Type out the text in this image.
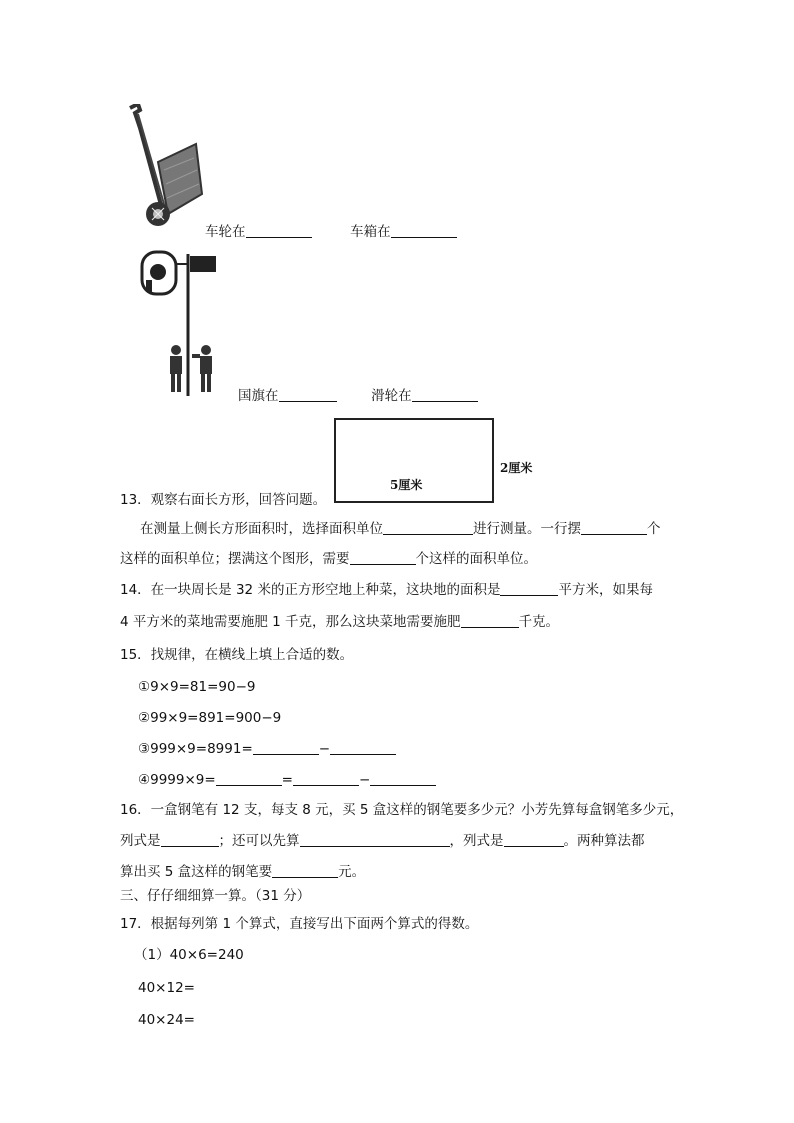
车轮在	车箱在
国旗在	滑轮在
5厘米
2厘米
13．观察右面长方形，回答问题。
在测量上侧长方形面积时，选择面积单位	进行测量。一行摆	个
这样的面积单位；摆满这个图形，需要	个这样的面积单位。
14．在一块周长是 32 米的正方形空地上种菜，这块地的面积是	平方米，如果每
4 平方米的菜地需要施肥 1 千克，那么这块菜地需要施肥	千克。
15．找规律，在横线上填上合适的数。
①9×9=81=90−9
②99×9=891=900−9
③999×9=8991=	−
④9999×9=	=	−
16．一盒钢笔有 12 支，每支 8 元，买 5 盒这样的钢笔要多少元？小芳先算每盒钢笔多少元，
列式是	；还可以先算	，列式是	。两种算法都
算出买 5 盒这样的钢笔要	元。
三、仔仔细细算一算。（31 分）
17．根据每列第 1 个算式，直接写出下面两个算式的得数。
（1）40×6=240
40×12=
40×24=
